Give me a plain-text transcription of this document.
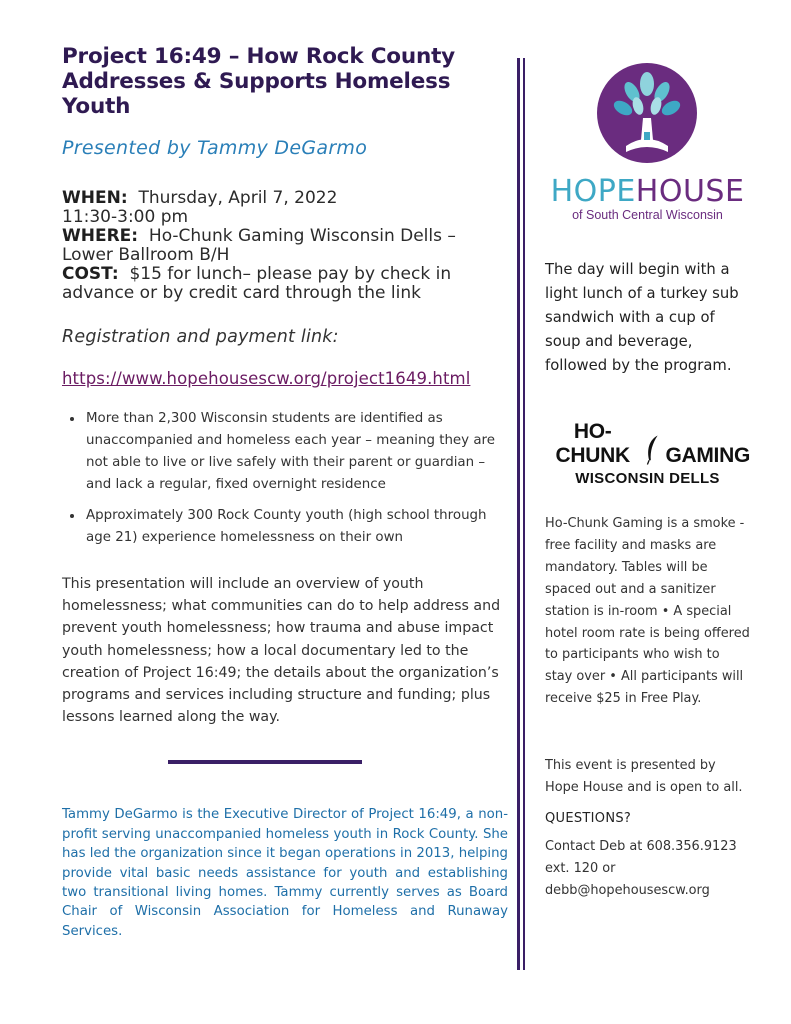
Project 16:49 – How Rock County
Addresses & Supports Homeless Youth
Presented by Tammy DeGarmo
WHEN: Thursday, April 7, 2022
11:30-3:00 pm
WHERE: Ho-Chunk Gaming Wisconsin Dells –
Lower Ballroom B/H
COST: $15 for lunch– please pay by check in
advance or by credit card through the link
Registration and payment link:
https://www.hopehousescw.org/project1649.html
• More than 2,300 Wisconsin students are identified as unaccompanied and homeless each year – meaning they are not able to live or live safely with their parent or guardian – and lack a regular, fixed overnight residence
• Approximately 300 Rock County youth (high school through age 21) experience homelessness on their own
This presentation will include an overview of youth homelessness; what communities can do to help address and prevent youth homelessness; how trauma and abuse impact youth homelessness; how a local documentary led to the creation of Project 16:49; the details about the organization’s programs and services including structure and funding; plus lessons learned along the way.
Tammy DeGarmo is the Executive Director of Project 16:49, a non-profit serving unaccompanied homeless youth in Rock County. She has led the organization since it began operations in 2013, helping provide vital basic needs assistance for youth and establishing two transitional living homes. Tammy currently serves as Board Chair of Wisconsin Association for Homeless and Runaway Services.
HOPEHOUSE
of South Central Wisconsin
The day will begin with a light lunch of a turkey sub sandwich with a cup of soup and beverage, followed by the program.
HO-CHUNK	GAMING
WISCONSIN DELLS
Ho-Chunk Gaming is a smoke -free facility and masks are mandatory. Tables will be spaced out and a sanitizer station is in-room • A special hotel room rate is being offered to participants who wish to stay over • All participants will receive $25 in Free Play.
This event is presented by Hope House and is open to all.
QUESTIONS?
Contact Deb at 608.356.9123 ext. 120 or debb@hopehousescw.org
